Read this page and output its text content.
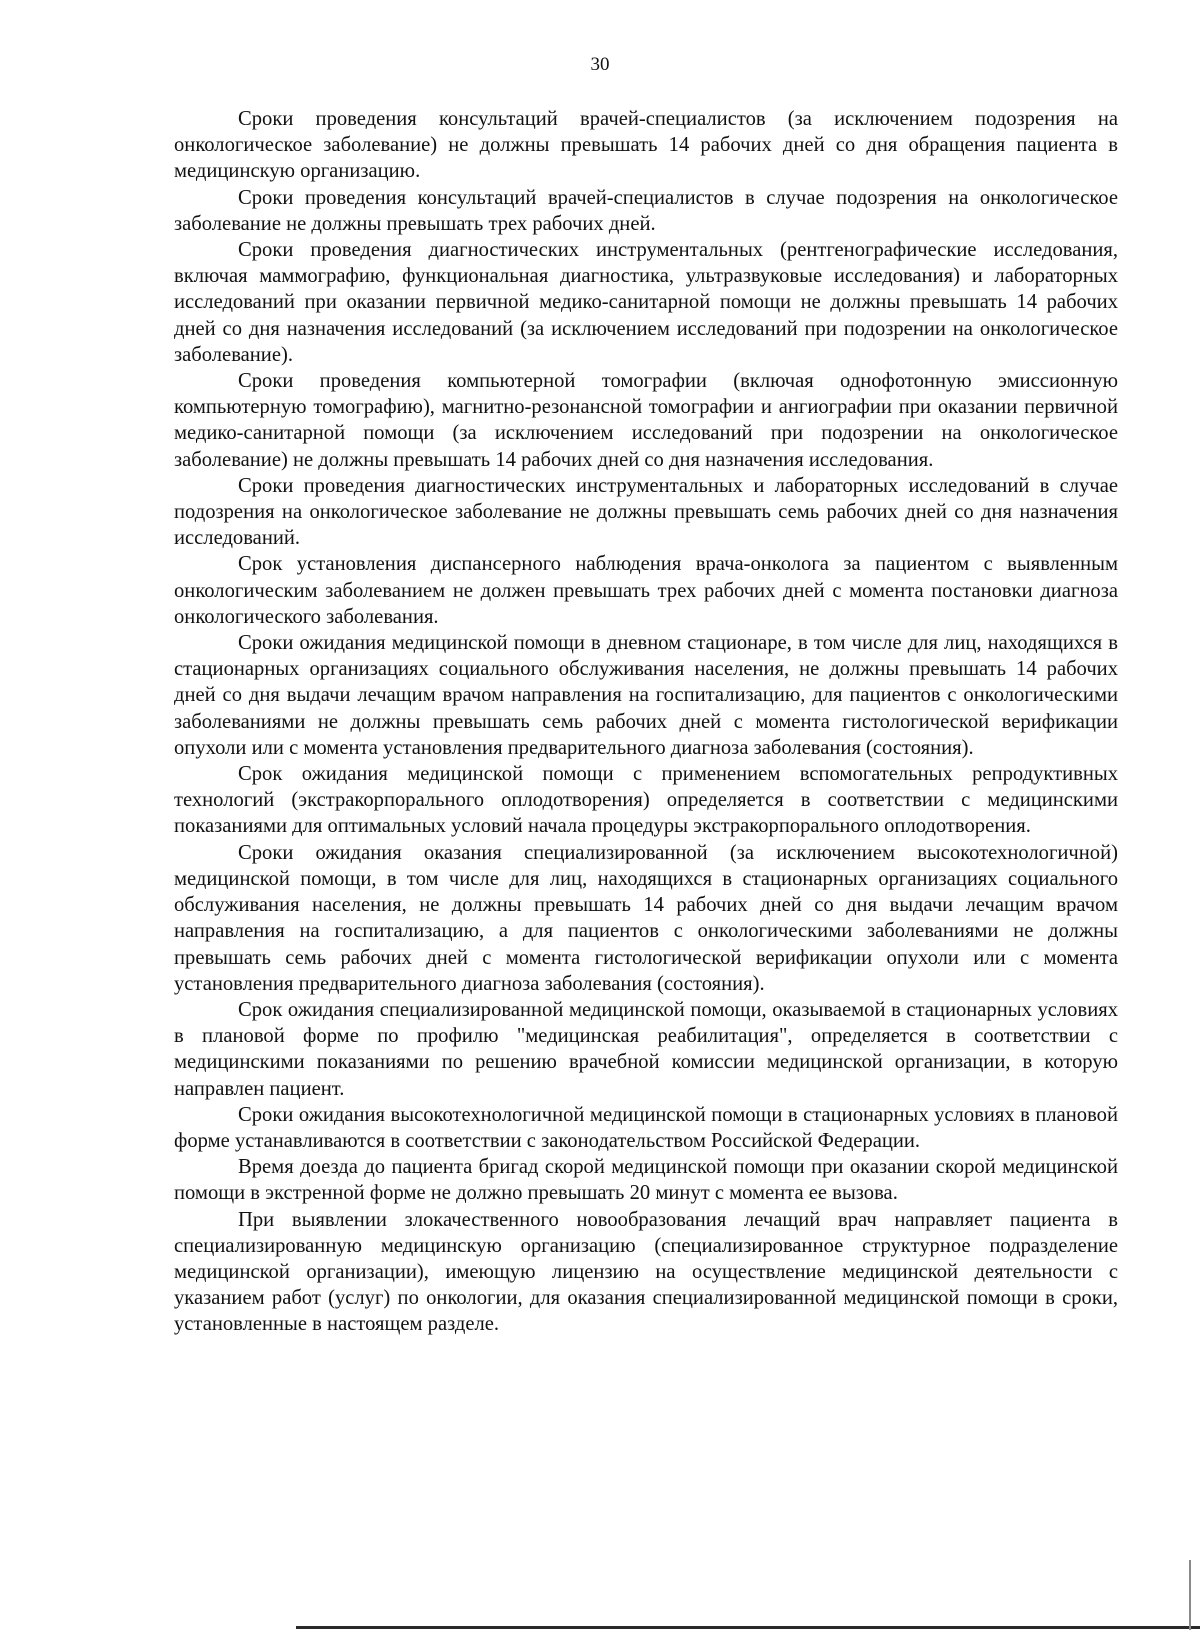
30

Сроки проведения консультаций врачей-специалистов (за исключением подозрения на онкологическое заболевание) не должны превышать 14 рабочих дней со дня обращения пациента в медицинскую организацию.

Сроки проведения консультаций врачей-специалистов в случае подозрения на онкологическое заболевание не должны превышать трех рабочих дней.

Сроки проведения диагностических инструментальных (рентгенографические исследования, включая маммографию, функциональная диагностика, ультразвуковые исследования) и лабораторных исследований при оказании первичной медико-санитарной помощи не должны превышать 14 рабочих дней со дня назначения исследований (за исключением исследований при подозрении на онкологическое заболевание).

Сроки проведения компьютерной томографии (включая однофотонную эмиссионную компьютерную томографию), магнитно-резонансной томографии и ангиографии при оказании первичной медико-санитарной помощи (за исключением исследований при подозрении на онкологическое заболевание) не должны превышать 14 рабочих дней со дня назначения исследования.

Сроки проведения диагностических инструментальных и лабораторных исследований в случае подозрения на онкологическое заболевание не должны превышать семь рабочих дней со дня назначения исследований.

Срок установления диспансерного наблюдения врача-онколога за пациентом с выявленным онкологическим заболеванием не должен превышать трех рабочих дней с момента постановки диагноза онкологического заболевания.

Сроки ожидания медицинской помощи в дневном стационаре, в том числе для лиц, находящихся в стационарных организациях социального обслуживания населения, не должны превышать 14 рабочих дней со дня выдачи лечащим врачом направления на госпитализацию, для пациентов с онкологическими заболеваниями не должны превышать семь рабочих дней с момента гистологической верификации опухоли или с момента установления предварительного диагноза заболевания (состояния).

Срок ожидания медицинской помощи с применением вспомогательных репродуктивных технологий (экстракорпорального оплодотворения) определяется в соответствии с медицинскими показаниями для оптимальных условий начала процедуры экстракорпорального оплодотворения.

Сроки ожидания оказания специализированной (за исключением высокотехнологичной) медицинской помощи, в том числе для лиц, находящихся в стационарных организациях социального обслуживания населения, не должны превышать 14 рабочих дней со дня выдачи лечащим врачом направления на госпитализацию, а для пациентов с онкологическими заболеваниями не должны превышать семь рабочих дней с момента гистологической верификации опухоли или с момента установления предварительного диагноза заболевания (состояния).

Срок ожидания специализированной медицинской помощи, оказываемой в стационарных условиях в плановой форме по профилю "медицинская реабилитация", определяется в соответствии с медицинскими показаниями по решению врачебной комиссии медицинской организации, в которую направлен пациент.

Сроки ожидания высокотехнологичной медицинской помощи в стационарных условиях в плановой форме устанавливаются в соответствии с законодательством Российской Федерации.

Время доезда до пациента бригад скорой медицинской помощи при оказании скорой медицинской помощи в экстренной форме не должно превышать 20 минут с момента ее вызова.

При выявлении злокачественного новообразования лечащий врач направляет пациента в специализированную медицинскую организацию (специализированное структурное подразделение медицинской организации), имеющую лицензию на осуществление медицинской деятельности с указанием работ (услуг) по онкологии, для оказания специализированной медицинской помощи в сроки, установленные в настоящем разделе.
